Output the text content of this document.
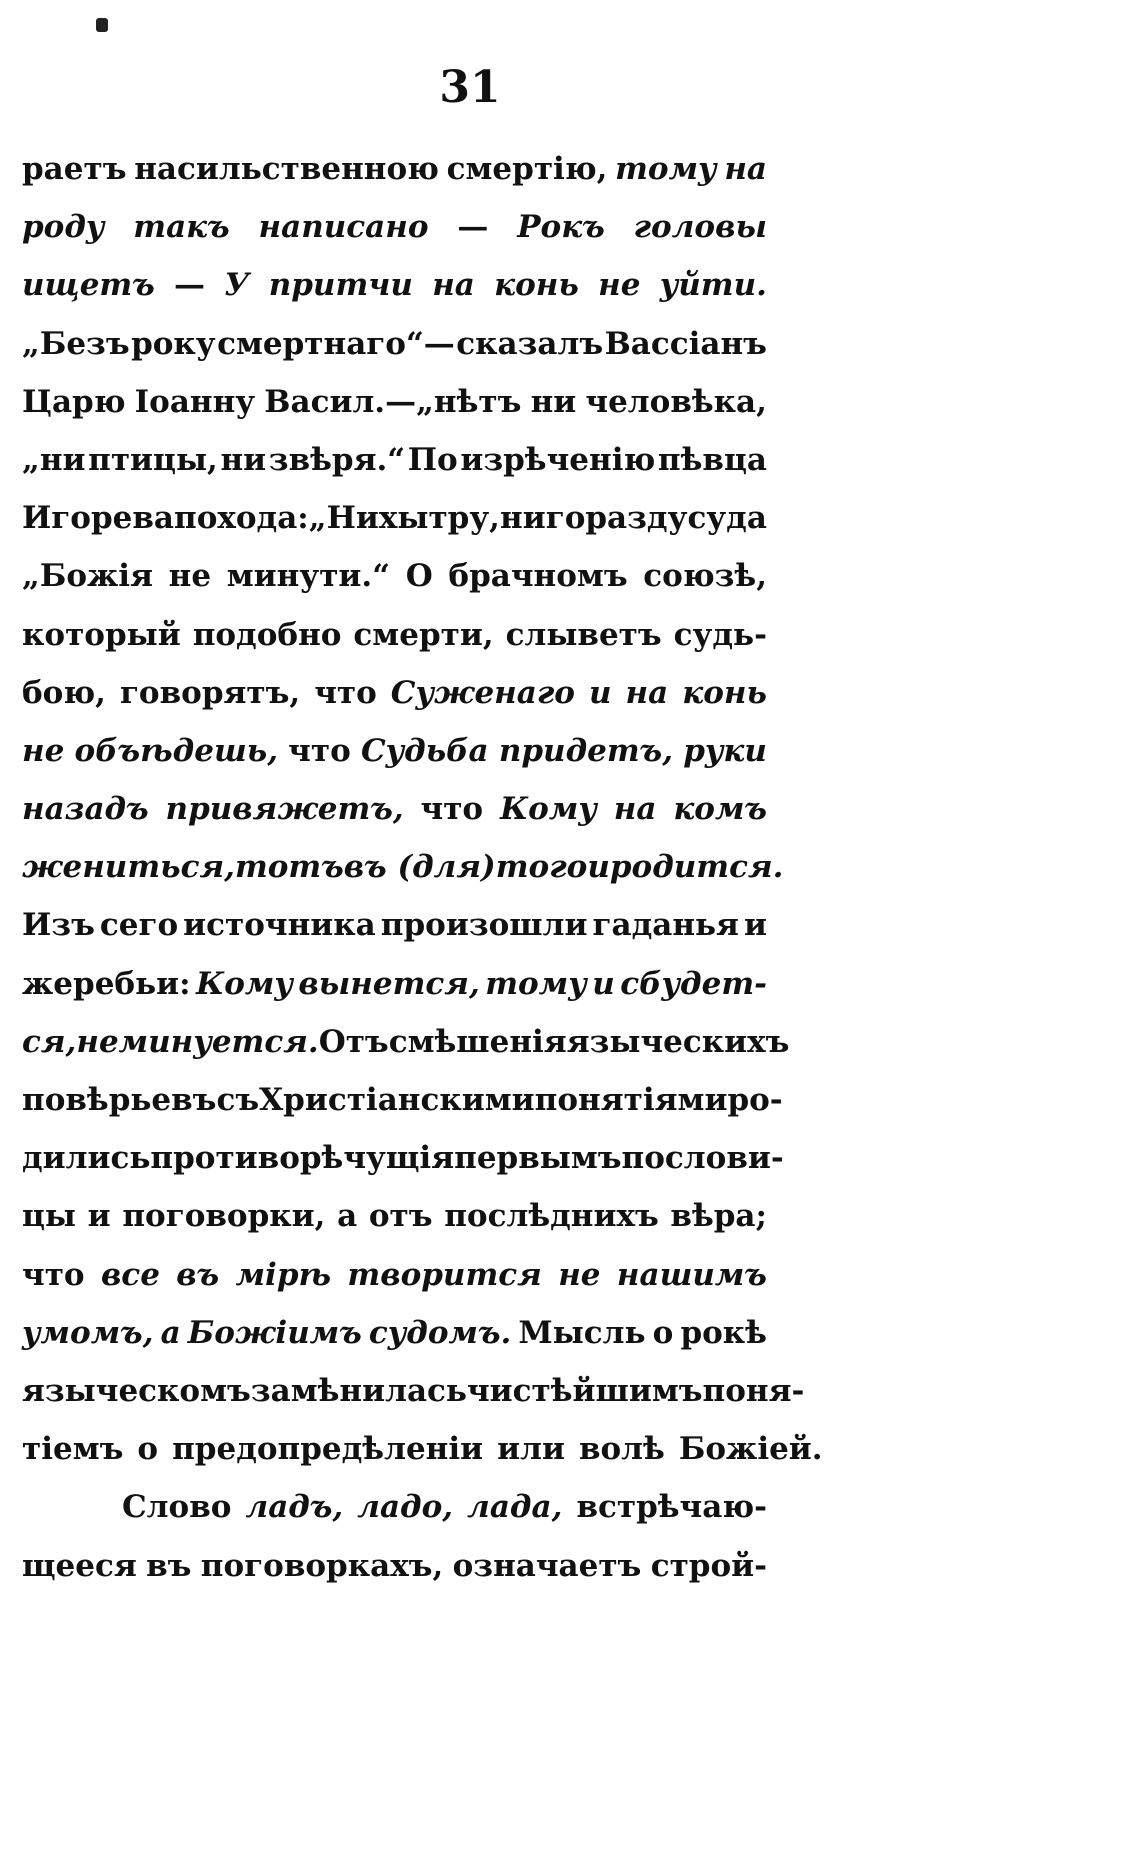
31
раетъ насильственною смертію, тому на
роду такъ написано — Рокъ головы
ищетъ — У притчи на конь не уйти.
„Безъ року смертнаго“— сказалъ Вассіанъ
Царю Іоанну Васил.—„нѣтъ ни человѣка,
„ни птицы, ни звѣря.“ По изрѣченію пѣвца
Игорева похода: „Ни хытру, ни горазду суда
„Божія не минути.“ О брачномъ союзѣ,
который подобно смерти, слыветъ судь-
бою, говорятъ, что Суженаго и на конь
не объѣдешь, что Судьба придетъ, руки
назадъ привяжетъ, что Кому на комъ
жениться, тотъ въ (для) того и родится.
Изъ сего источника произошли гаданья и
жеребьи: Кому вынется, тому и сбудет-
ся, не минуется. Отъ смѣшенія языческихъ
повѣрьевъ съ Христіанскими понятіями ро-
дились противорѣчущія первымъ послови-
цы и поговорки, а отъ послѣднихъ вѣра;
что все въ мірѣ творится не нашимъ
умомъ, а Божіимъ судомъ. Мысль о рокѣ
языческомъ замѣнилась чистѣйшимъ поня-
тіемъ о предопредѣленіи или волѣ Божіей.
Слово ладъ, ладо, лада, встрѣчаю-
щееся въ поговоркахъ, означаетъ строй-
